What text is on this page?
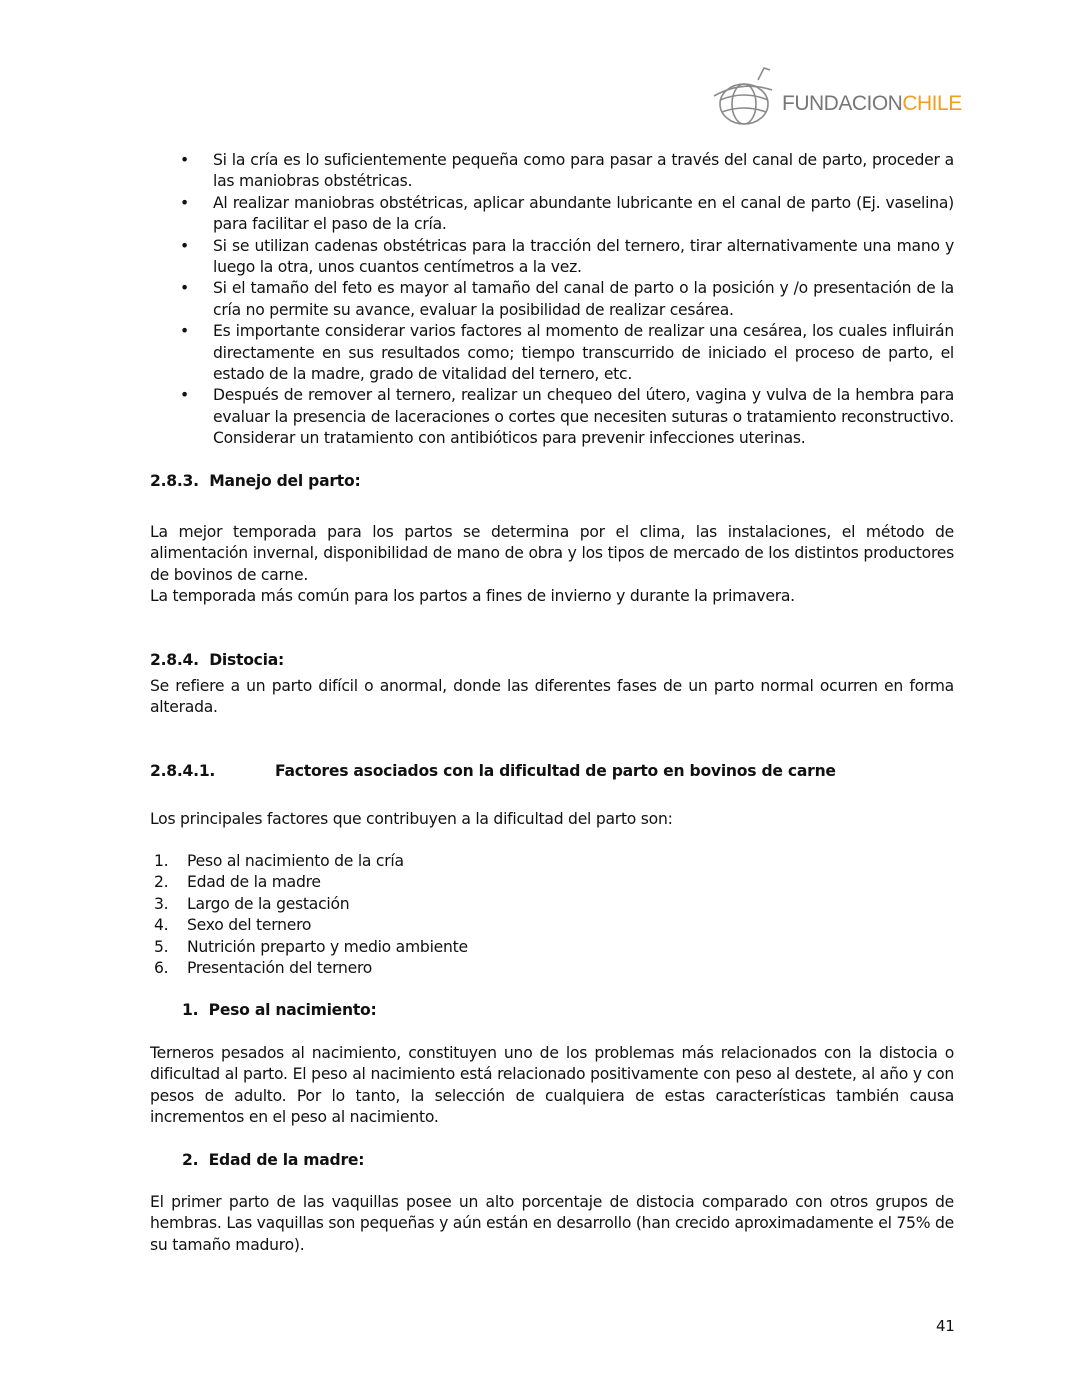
FUNDACIONCHILE
• Si la cría es lo suficientemente pequeña como para pasar a través del canal de parto, proceder a las maniobras obstétricas.
• Al realizar maniobras obstétricas, aplicar abundante lubricante en el canal de parto (Ej. vaselina) para facilitar el paso de la cría.
• Si se utilizan cadenas obstétricas para la tracción del ternero, tirar alternativamente una mano y luego la otra, unos cuantos centímetros a la vez.
• Si el tamaño del feto es mayor al tamaño del canal de parto o la posición y /o presentación de la cría no permite su avance, evaluar la posibilidad de realizar cesárea.
• Es importante considerar varios factores al momento de realizar una cesárea, los cuales influirán directamente en sus resultados como; tiempo transcurrido de iniciado el proceso de parto, el estado de la madre, grado de vitalidad del ternero, etc.
• Después de remover al ternero, realizar un chequeo del útero, vagina y vulva de la hembra para evaluar la presencia de laceraciones o cortes que necesiten suturas o tratamiento reconstructivo. Considerar un tratamiento con antibióticos para prevenir infecciones uterinas.
2.8.3. Manejo del parto:

La mejor temporada para los partos se determina por el clima, las instalaciones, el método de alimentación invernal, disponibilidad de mano de obra y los tipos de mercado de los distintos productores de bovinos de carne.

La temporada más común para los partos a fines de invierno y durante la primavera.

2.8.4. Distocia:

Se refiere a un parto difícil o anormal, donde las diferentes fases de un parto normal ocurren en forma alterada.

2.8.4.1.	Factores asociados con la dificultad de parto en bovinos de carne

Los principales factores que contribuyen a la dificultad del parto son:

1. Peso al nacimiento de la cría
2. Edad de la madre
3. Largo de la gestación
4. Sexo del ternero
5. Nutrición preparto y medio ambiente
6. Presentación del ternero
1. Peso al nacimiento:

Terneros pesados al nacimiento, constituyen uno de los problemas más relacionados con la distocia o dificultad al parto. El peso al nacimiento está relacionado positivamente con peso al destete, al año y con pesos de adulto. Por lo tanto, la selección de cualquiera de estas características también causa incrementos en el peso al nacimiento.

2. Edad de la madre:

El primer parto de las vaquillas posee un alto porcentaje de distocia comparado con otros grupos de hembras. Las vaquillas son pequeñas y aún están en desarrollo (han crecido aproximadamente el 75% de su tamaño maduro).

41
